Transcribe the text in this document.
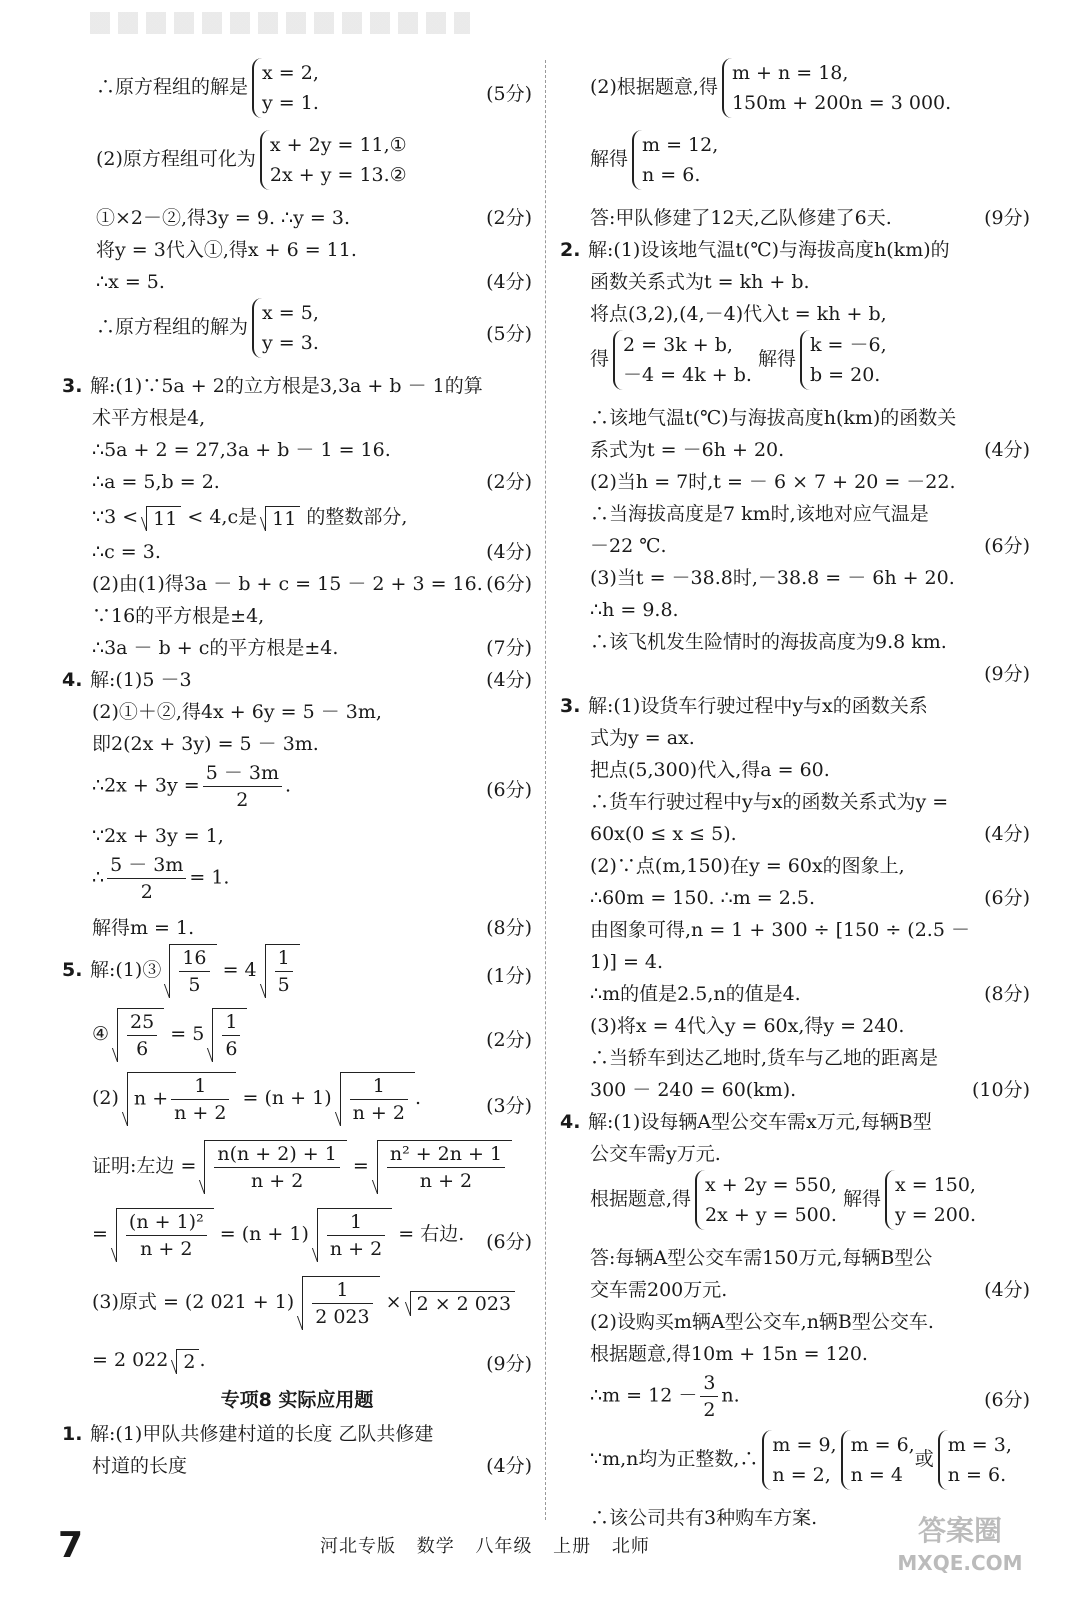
∴原方程组的解是
x = 2,
y = 1.	(5分)
(2)原方程组可化为
x + 2y = 11,①
2x + y = 13.②
①×2－②,得3y = 9. ∴y = 3.	(2分)
将y = 3代入①,得x + 6 = 11.
∴x = 5.	(4分)
∴原方程组的解为
x = 5,
y = 3.	(5分)
3. 解:(1)∵5a + 2的立方根是3,3a + b － 1的算
术平方根是4,
∴5a + 2 = 27,3a + b － 1 = 16.
∴a = 5,b = 2.	(2分)
∵3 < 11 < 4,c是 11 的整数部分,
∴c = 3.	(4分)
(2)由(1)得3a － b + c = 15 － 2 + 3 = 16. (6分)
∵16的平方根是±4,
∴3a － b + c的平方根是±4.	(7分)
4. 解:(1)5 －3	(4分)
(2)①＋②,得4x + 6y = 5 － 3m,
即2(2x + 3y) = 5 － 3m.
∴2x + $3y = \frac{5 - 3m}{2}$ .	(6分)
∵2x + 3y = 1,
∴ $\frac{5 - 3m}{2} = 1$.
解得m = 1.	(8分)
5. 解:(1)③ $\frac{16}{5} = 4 \frac{1}{5}$	(1分)
④ $\frac{25}{6} = 5 \frac{1}{6}$	(2分)
(2) $n + \frac{1}{n + 2} = (n + 1) \frac{1}{n + 2}$ .	(3分)
证明:左边 = $\frac{n(n + 2) + 1}{n + 2} = \frac{\text{n² + 2n + 1}}{n + 2}$
= $\frac{\text{(n + 1)²}}{n + 2} = (n + 1) \frac{1}{n + 2}$ = 右边. (6分)
(3)原式 = (2 $021 + 1) \frac{1}{2 023} \times 2 \times 2$ 023
= 2 022 2 .	(9分)
专项8 实际应用题
1. 解:(1)甲队共修建村道的长度 乙队共修建
村道的长度	(4分)
(2)根据题意,得
m + n = 18,
150m + 200n = 3 000.
解得
m = 12,
n = 6.
答:甲队修建了12天,乙队修建了6天.	(9分)
2. 解:(1)设该地气温t(℃)与海拔高度h(km)的
函数关系式为t = kh + b.
将点(3,2),(4,－4)代入t = kh + b,
得
2 = 3k + b,
－4 = 4k + b.
解得
k = －6,
b = 20.
∴该地气温t(℃)与海拔高度h(km)的函数关
系式为t = －6h + 20.	(4分)
(2)当h = 7时,t = － 6 × 7 + 20 = －22.
∴当海拔高度是7 km时,该地对应气温是
－22 ℃.	(6分)
(3)当t = －38.8时,－38.8 = － 6h + 20.
∴h = 9.8.
∴该飞机发生险情时的海拔高度为9.8 km.
(9分)
3. 解:(1)设货车行驶过程中y与x的函数关系
式为y = ax.
把点(5,300)代入,得a = 60.
∴货车行驶过程中y与x的函数关系式为y =
60x(0 ≤ x ≤ 5).	(4分)
(2)∵点(m,150)在y = 60x的图象上,
∴60m = 150. ∴m = 2.5.	(6分)
由图象可得,n = 1 + 300 ÷ [150 ÷ (2.5 －
1)] = 4.
∴m的值是2.5,n的值是4.	(8分)
(3)将x = 4代入y = 60x,得y = 240.
∴当轿车到达乙地时,货车与乙地的距离是
300 － 240 = 60(km).	(10分)
4. 解:(1)设每辆A型公交车需x万元,每辆B型
公交车需y万元.
根据题意,得
x + 2y = 550,
2x + y = 500.
解得
x = 150,
y = 200.
答:每辆A型公交车需150万元,每辆B型公
交车需200万元.	(4分)
(2)设购买m辆A型公交车,n辆B型公交车.
根据题意,得10m + 15n = 120.
∴m = $12 - \frac{3}{2} n$.	(6分)
∵m,n均为正整数,∴
m = 9,
n = 2,
m = 6,
n = 4
或
m = 3,
n = 6.
∴该公司共有3种购车方案.
7	河北专版 数学 八年级 上册 北师	答案圈
MXQE.COM
